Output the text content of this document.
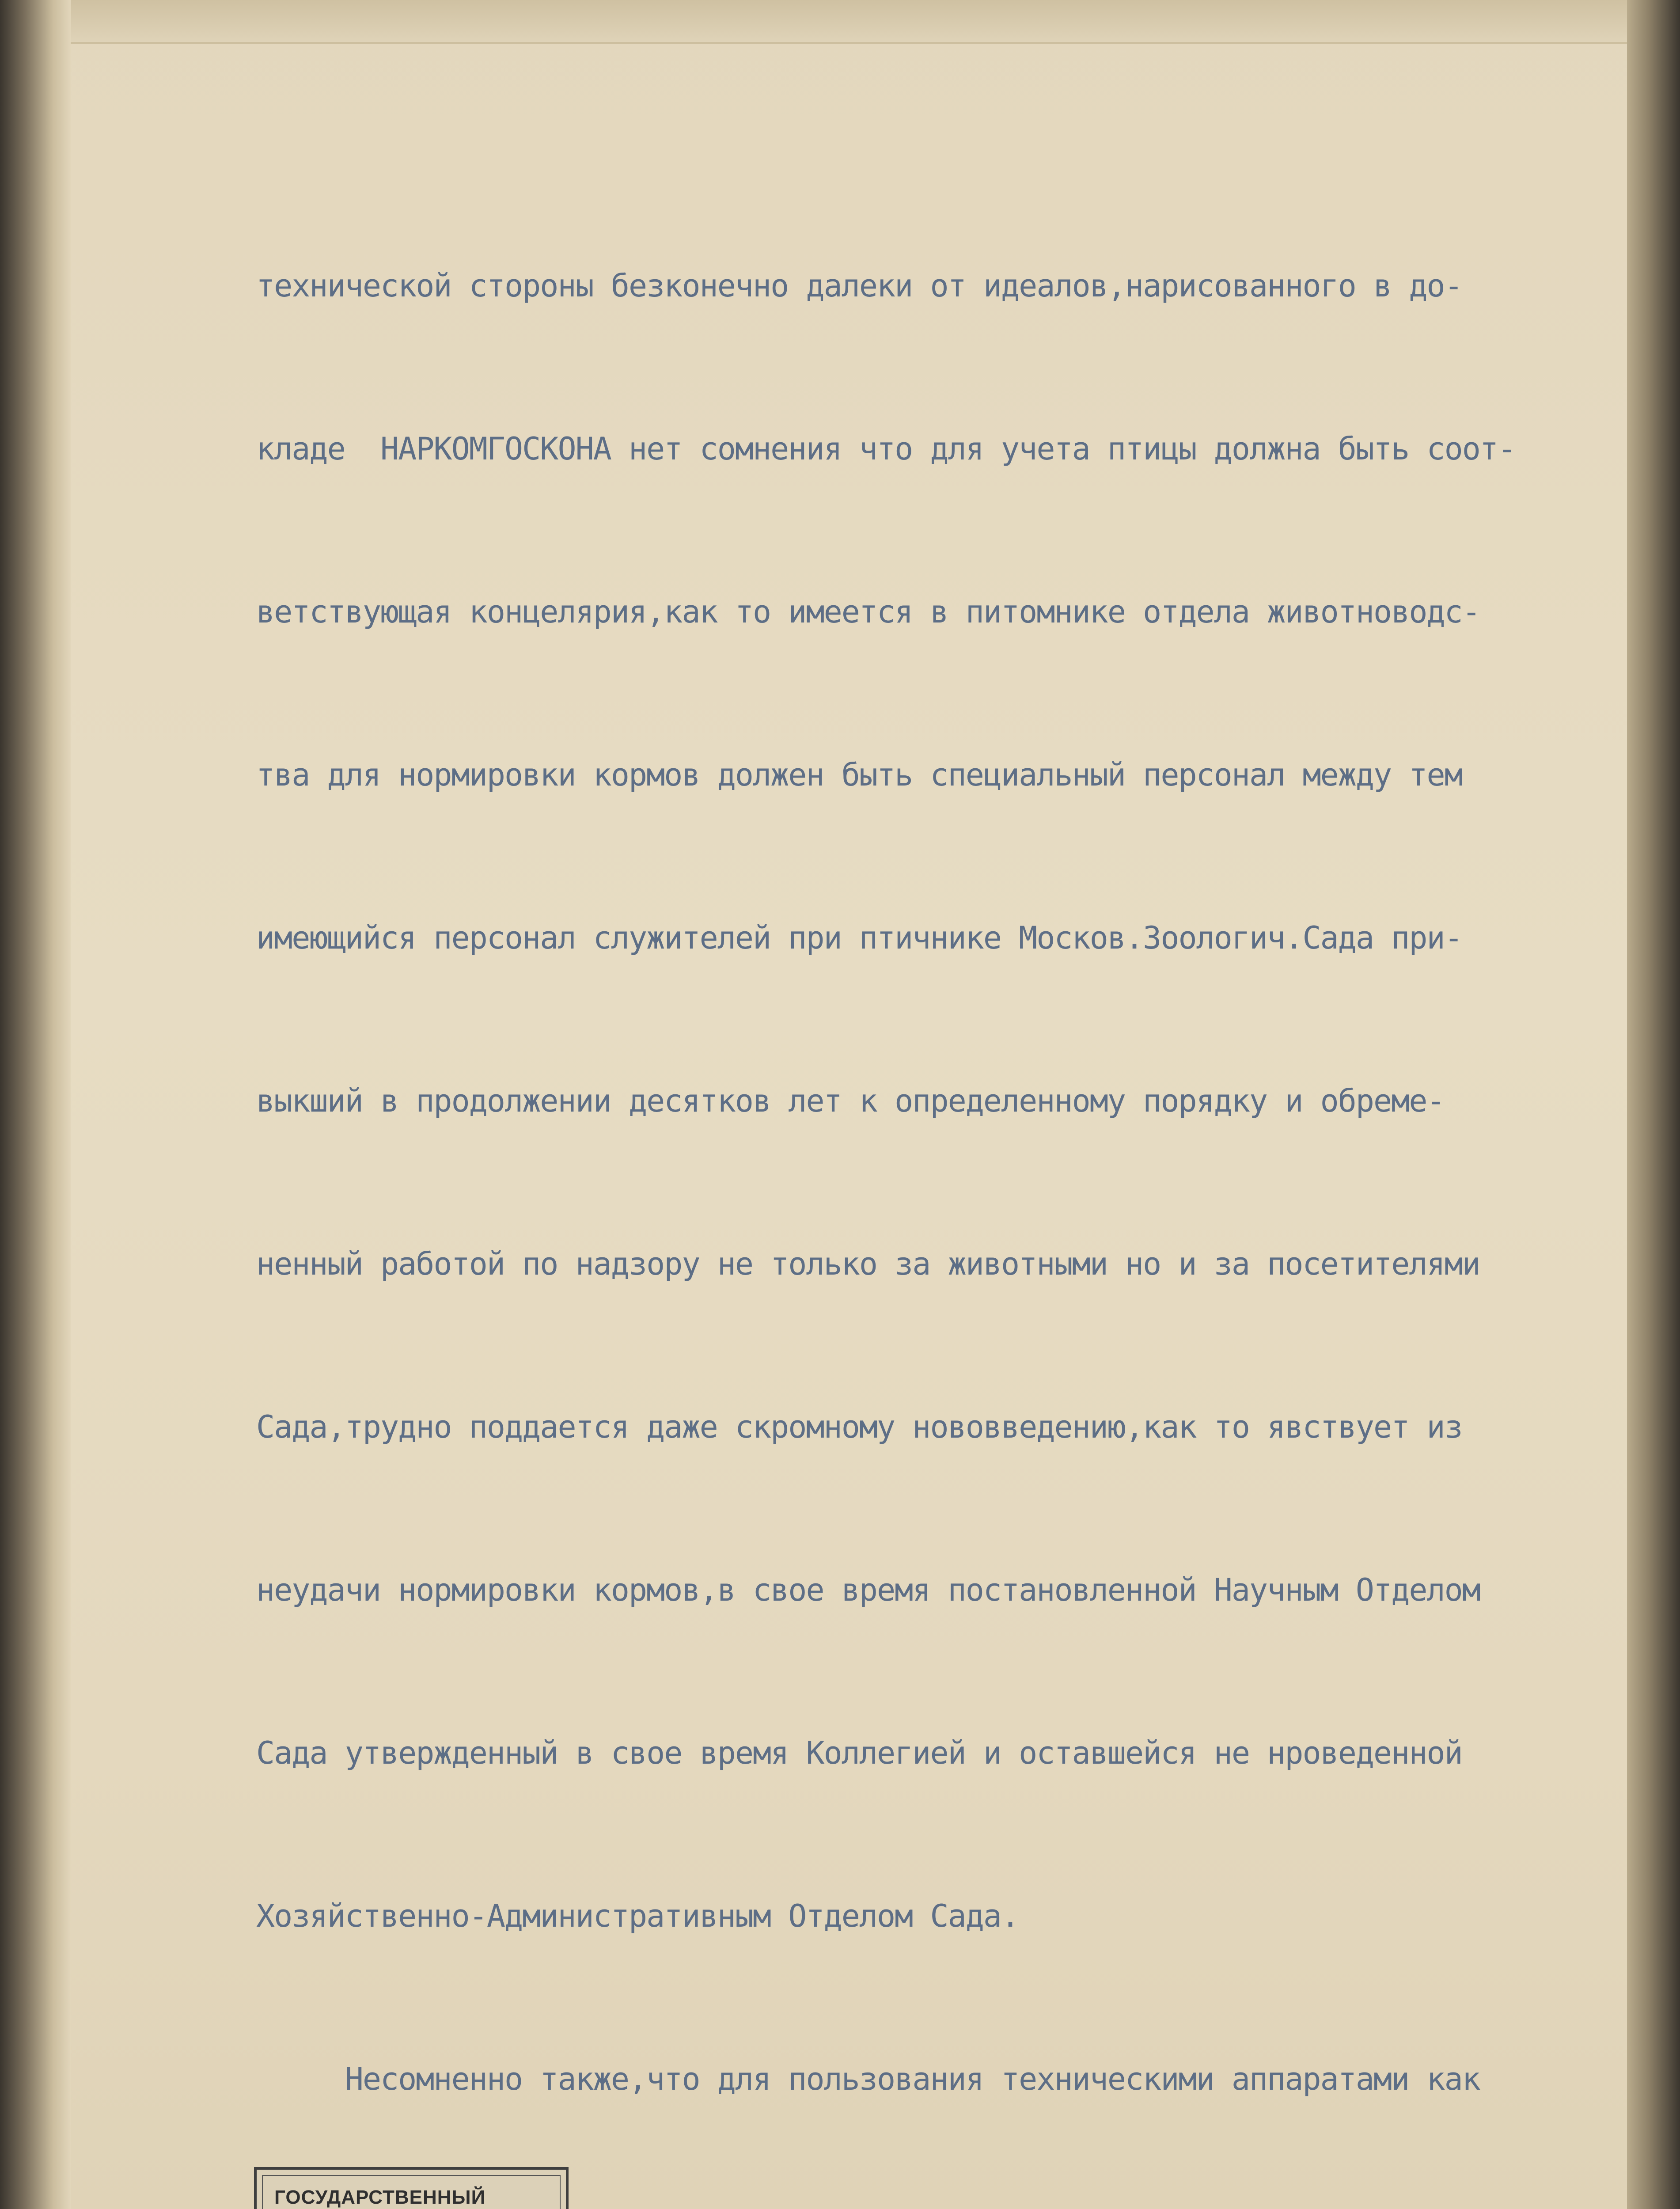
технической стороны безконечно далеки от идеалов,нарисованного в до-

кладе  НАРКОМГОСКОНА нет сомнения что для учета птицы должна быть соот-

ветствующая концелярия,как то имеется в питомнике отдела животноводс-

тва для нормировки кормов должен быть специальный персонал между тем

имеющийся персонал служителей при птичнике Москов.Зоологич.Сада при-

выкший в продолжении десятков лет к определенному порядку и обреме-

ненный работой по надзору не только за животными но и за посетителями

Сада,трудно поддается даже скромному нововведению,как то явствует из

неудачи нормировки кормов,в свое время постановленной Научным Отделом

Сада утвержденный в свое время Коллегией и оставшейся не нроведенной

Хозяйственно-Административным Отделом Сада.

Несомненно также,что для пользования техническими аппаратами как

ГОСУДАРСТВЕННЫЙ
